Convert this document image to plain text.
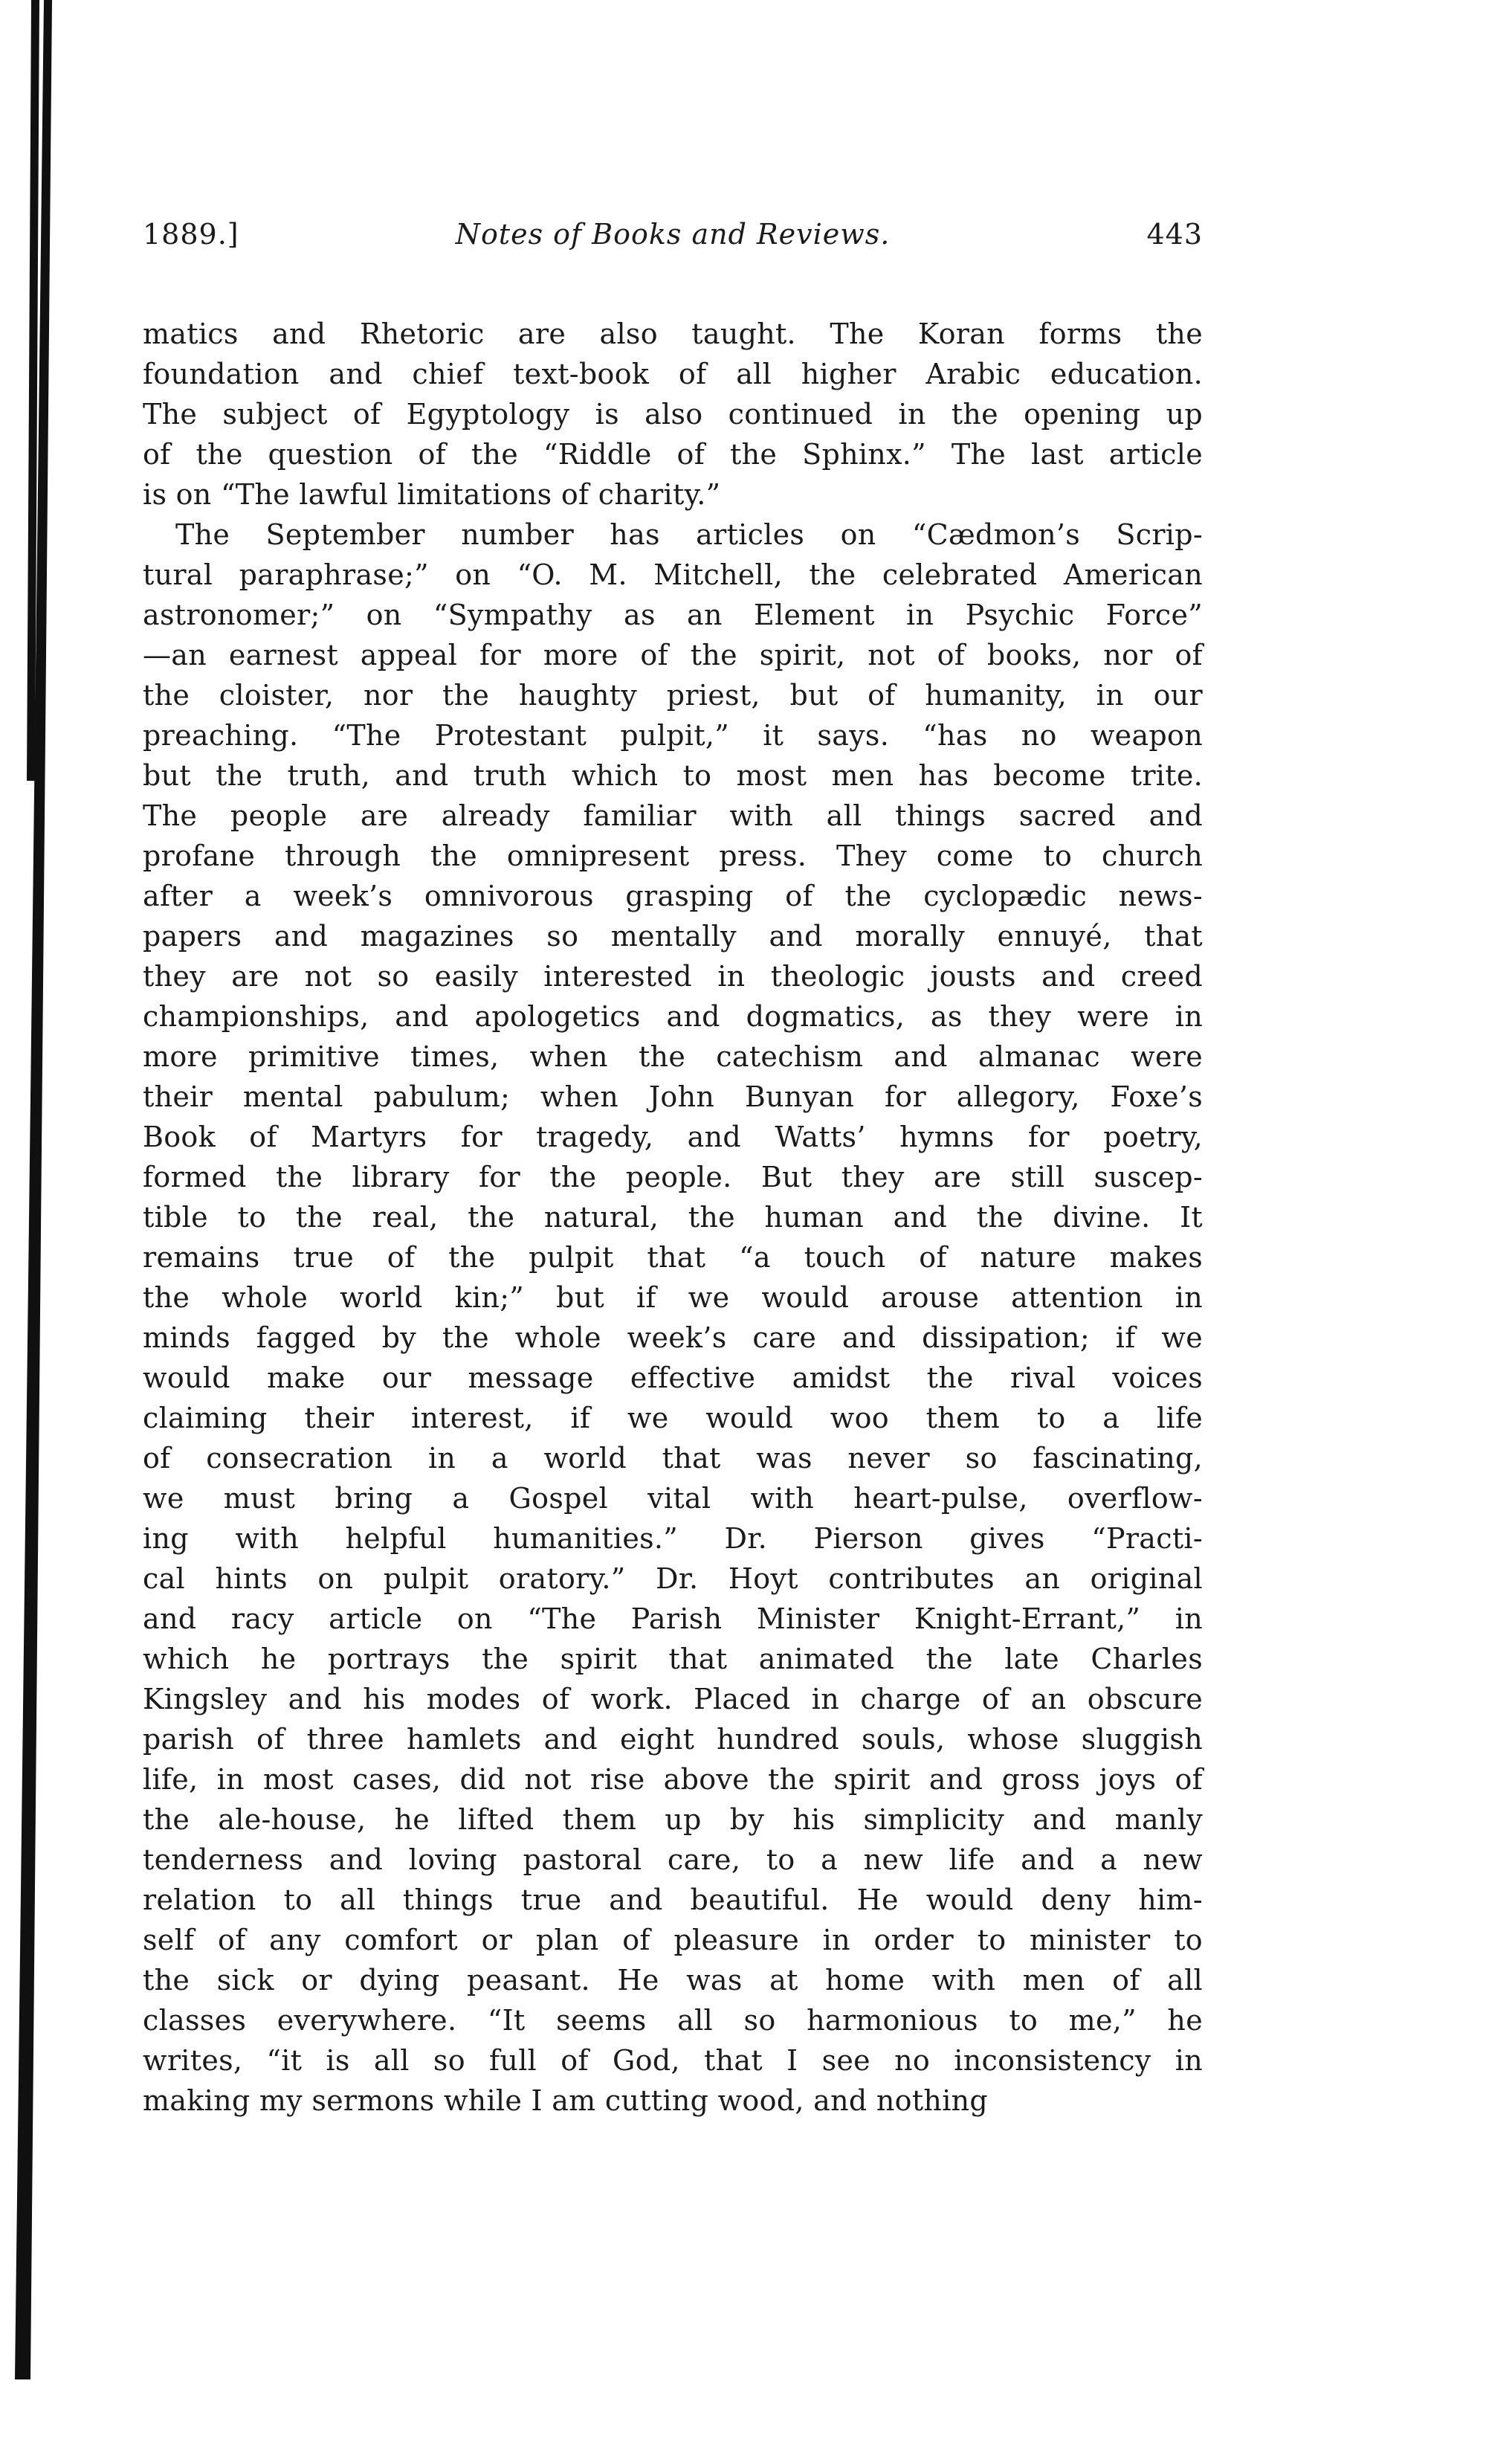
1889.]	Notes of Books and Reviews.	443
matics and Rhetoric are also taught. The Koran forms the
foundation and chief text-book of all higher Arabic education.
The subject of Egyptology is also continued in the opening up
of the question of the “Riddle of the Sphinx.” The last article
is on “The lawful limitations of charity.”
The September number has articles on “Cædmon’s Scrip-
tural paraphrase;” on “O. M. Mitchell, the celebrated American
astronomer;” on “Sympathy as an Element in Psychic Force”
—an earnest appeal for more of the spirit, not of books, nor of
the cloister, nor the haughty priest, but of humanity, in our
preaching. “The Protestant pulpit,” it says. “has no weapon
but the truth, and truth which to most men has become trite.
The people are already familiar with all things sacred and
profane through the omnipresent press. They come to church
after a week’s omnivorous grasping of the cyclopædic news-
papers and magazines so mentally and morally ennuyé, that
they are not so easily interested in theologic jousts and creed
championships, and apologetics and dogmatics, as they were in
more primitive times, when the catechism and almanac were
their mental pabulum; when John Bunyan for allegory, Foxe’s
Book of Martyrs for tragedy, and Watts’ hymns for poetry,
formed the library for the people. But they are still suscep-
tible to the real, the natural, the human and the divine. It
remains true of the pulpit that “a touch of nature makes
the whole world kin;” but if we would arouse attention in
minds fagged by the whole week’s care and dissipation; if we
would make our message effective amidst the rival voices
claiming their interest, if we would woo them to a life
of consecration in a world that was never so fascinating,
we must bring a Gospel vital with heart-pulse, overflow-
ing with helpful humanities.” Dr. Pierson gives “Practi-
cal hints on pulpit oratory.” Dr. Hoyt contributes an original
and racy article on “The Parish Minister Knight-Errant,” in
which he portrays the spirit that animated the late Charles
Kingsley and his modes of work. Placed in charge of an obscure
parish of three hamlets and eight hundred souls, whose sluggish
life, in most cases, did not rise above the spirit and gross joys of
the ale-house, he lifted them up by his simplicity and manly
tenderness and loving pastoral care, to a new life and a new
relation to all things true and beautiful. He would deny him-
self of any comfort or plan of pleasure in order to minister to
the sick or dying peasant. He was at home with men of all
classes everywhere. “It seems all so harmonious to me,” he
writes, “it is all so full of God, that I see no inconsistency in
making my sermons while I am cutting wood, and nothing
